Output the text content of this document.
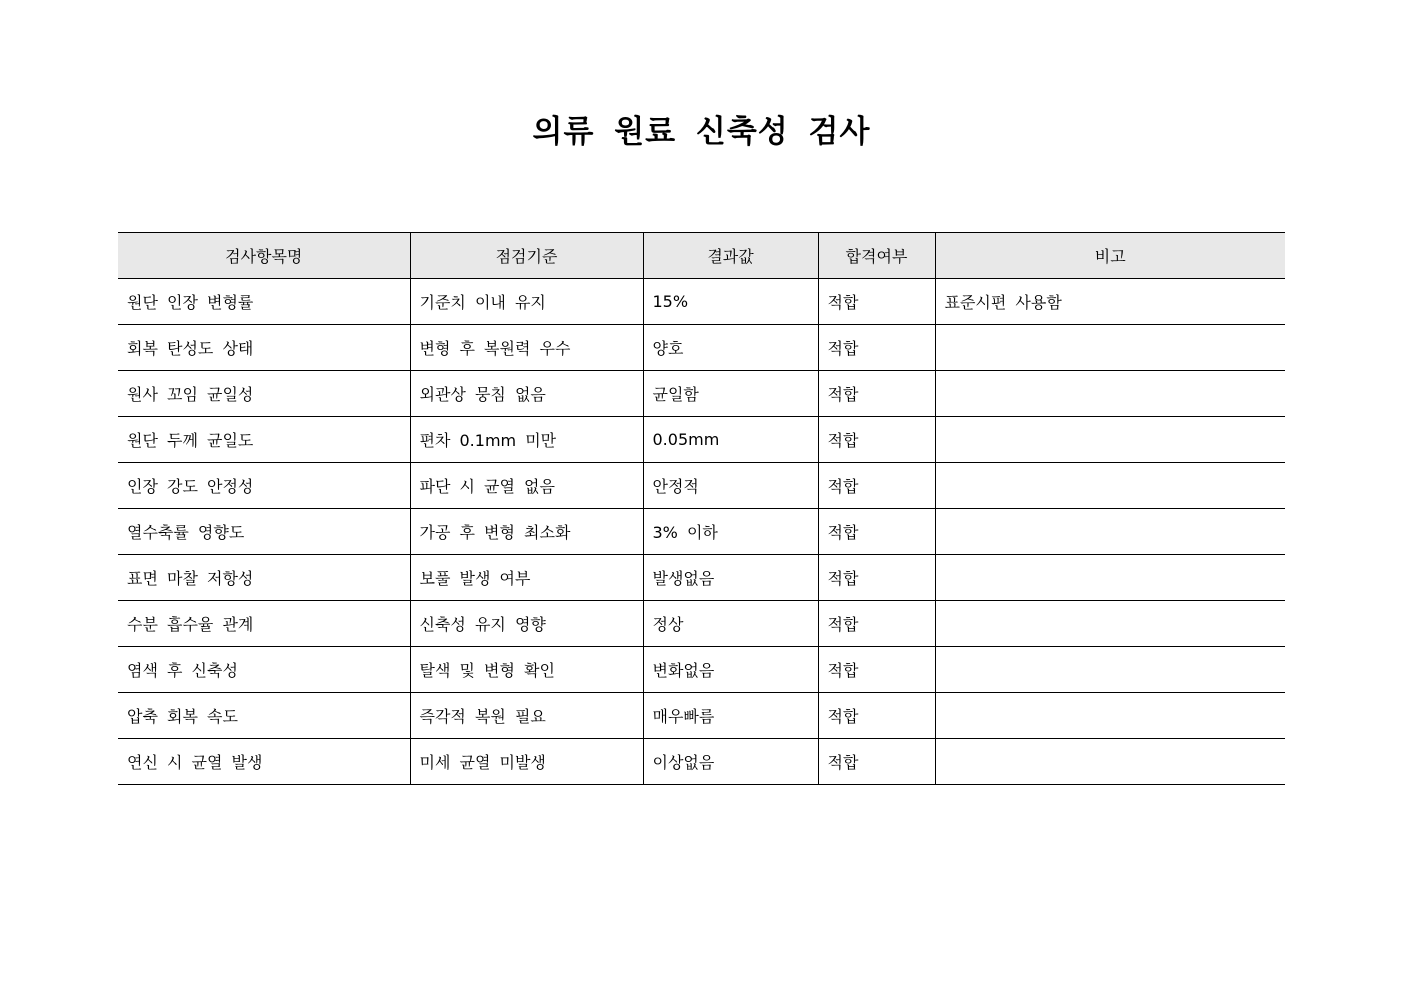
의류 원료 신축성 검사
검사항목명	점검기준	결과값	합격여부	비고
원단 인장 변형률	기준치 이내 유지	15%	적합	표준시편 사용함
회복 탄성도 상태	변형 후 복원력 우수	양호	적합	
원사 꼬임 균일성	외관상 뭉침 없음	균일함	적합	
원단 두께 균일도	편차 0.1mm 미만	0.05mm	적합	
인장 강도 안정성	파단 시 균열 없음	안정적	적합	
열수축률 영향도	가공 후 변형 최소화	3% 이하	적합	
표면 마찰 저항성	보풀 발생 여부	발생없음	적합	
수분 흡수율 관계	신축성 유지 영향	정상	적합	
염색 후 신축성	탈색 및 변형 확인	변화없음	적합	
압축 회복 속도	즉각적 복원 필요	매우빠름	적합	
연신 시 균열 발생	미세 균열 미발생	이상없음	적합	
